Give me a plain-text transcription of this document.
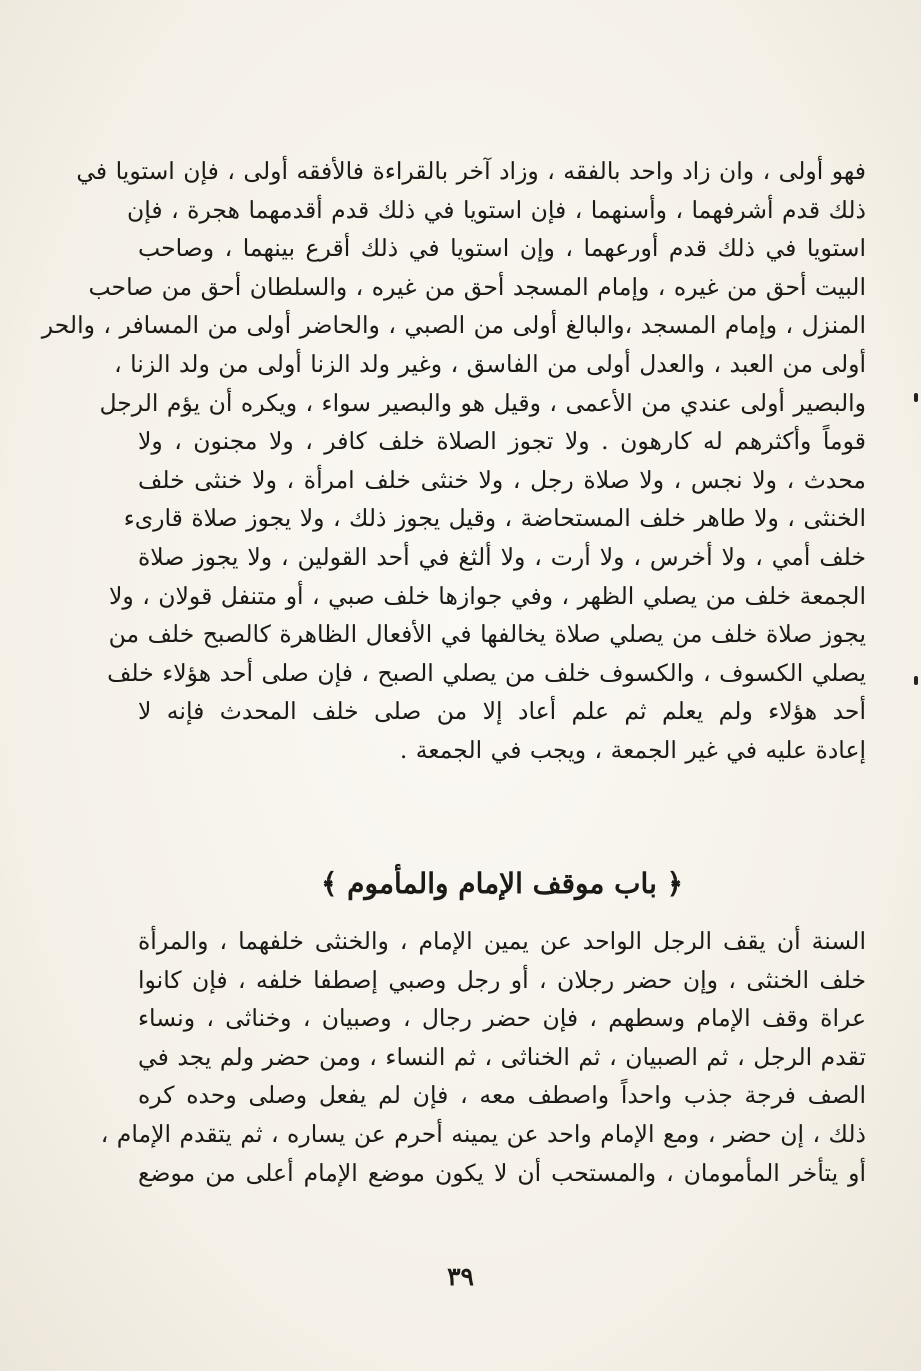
فهو أولى ، وان زاد واحد بالفقه ، وزاد آخر بالقراءة فالأفقه أولى ، فإن استويا في
ذلك قدم أشرفهما ، وأسنهما ، فإن استويا في ذلك قدم أقدمهما هجرة ، فإن
استويا في ذلك قدم أورعهما ، وإن استويا في ذلك أقرع بينهما ، وصاحب
البيت أحق من غيره ، وإمام المسجد أحق من غيره ، والسلطان أحق من صاحب
المنزل ، وإمام المسجد ،والبالغ أولى من الصبي ، والحاضر أولى من المسافر ، والحر
أولى من العبد ، والعدل أولى من الفاسق ، وغير ولد الزنا أولى من ولد الزنا ،
والبصير أولى عندي من الأعمى ، وقيل هو والبصير سواء ، ويكره أن يؤم الرجل
قوماً وأكثرهم له كارهون . ولا تجوز الصلاة خلف كافر ، ولا مجنون ، ولا
محدث ، ولا نجس ، ولا صلاة رجل ، ولا خنثى خلف امرأة ، ولا خنثى خلف
الخنثى ، ولا طاهر خلف المستحاضة ، وقيل يجوز ذلك ، ولا يجوز صلاة قارىء
خلف أمي ، ولا أخرس ، ولا أرت ، ولا ألثغ في أحد القولين ، ولا يجوز صلاة
الجمعة خلف من يصلي الظهر ، وفي جوازها خلف صبي ، أو متنفل قولان ، ولا
يجوز صلاة خلف من يصلي صلاة يخالفها في الأفعال الظاهرة كالصبح خلف من
يصلي الكسوف ، والكسوف خلف من يصلي الصبح ، فإن صلى أحد هؤلاء خلف
أحد هؤلاء ولم يعلم ثم علم أعاد إلا من صلى خلف المحدث فإنه لا
إعادة عليه في غير الجمعة ، ويجب في الجمعة .
﴿ باب موقف الإمام والمأموم ﴾
السنة أن يقف الرجل الواحد عن يمين الإمام ، والخنثى خلفهما ، والمرأة
خلف الخنثى ، وإن حضر رجلان ، أو رجل وصبي إصطفا خلفه ، فإن كانوا
عراة وقف الإمام وسطهم ، فإن حضر رجال ، وصبيان ، وخناثى ، ونساء
تقدم الرجل ، ثم الصبيان ، ثم الخناثى ، ثم النساء ، ومن حضر ولم يجد في
الصف فرجة جذب واحداً واصطف معه ، فإن لم يفعل وصلى وحده كره
ذلك ، إن حضر ، ومع الإمام واحد عن يمينه أحرم عن يساره ، ثم يتقدم الإمام ،
أو يتأخر المأمومان ، والمستحب أن لا يكون موضع الإمام أعلى من موضع
٣٩
